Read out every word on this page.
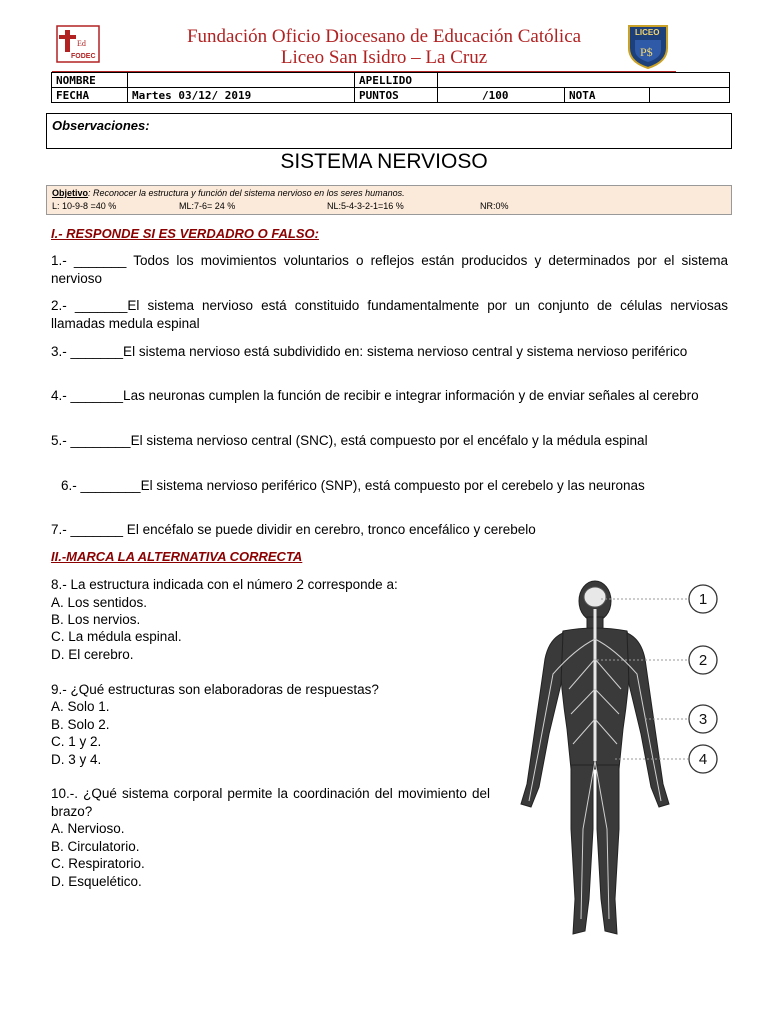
Ed
FODEC
Fundación Oficio Diocesano de Educación Católica
Liceo San Isidro – La Cruz	P$
LICEO
NOMBRE		APELLIDO			
FECHA	Martes 03/12/ 2019	PUNTOS	/100	NOTA	
Observaciones:
SISTEMA NERVIOSO
Objetivo: Reconocer la estructura y función del sistema nervioso en los seres humanos.
L: 10-9-8 =40 %	ML:7-6= 24 %	NL:5-4-3-2-1=16 %	NR:0%
I.- RESPONDE SI ES VERDADRO O FALSO:
1.- _______ Todos los movimientos voluntarios o reflejos están producidos y determinados por el sistema nervioso
2.- _______El sistema nervioso está constituido fundamentalmente por un conjunto de células nerviosas llamadas medula espinal
3.- _______El sistema nervioso está subdividido en: sistema nervioso central y sistema nervioso periférico
4.- _______Las neuronas cumplen la función de recibir e integrar información y de enviar señales al cerebro
5.- ________El sistema nervioso central (SNC), está compuesto por el encéfalo y la médula espinal
6.- ________El sistema nervioso periférico (SNP), está compuesto por el cerebelo y las neuronas
7.- _______ El encéfalo se puede dividir en cerebro, tronco encefálico y cerebelo
II.-MARCA LA ALTERNATIVA CORRECTA
8.- La estructura indicada con el número 2 corresponde a:
A. Los sentidos.
B. Los nervios.
C. La médula espinal.
D. El cerebro.
9.- ¿Qué estructuras son elaboradoras de respuestas?
A. Solo 1.
B. Solo 2.
C. 1 y 2.
D. 3 y 4.
10.-. ¿Qué sistema corporal permite la coordinación del movimiento del brazo?
A. Nervioso.
B. Circulatorio.
C. Respiratorio.
D. Esquelético.
1
2
3
4
